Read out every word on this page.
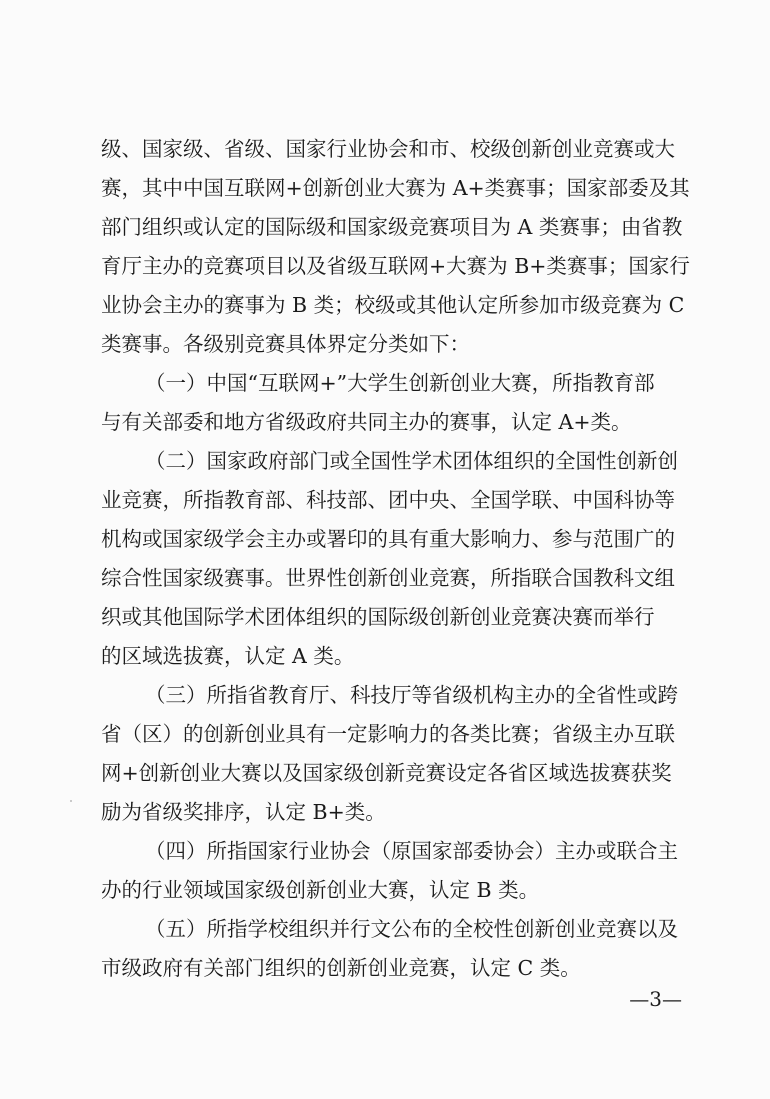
级、国家级、省级、国家行业协会和市、校级创新创业竞赛或大
赛，其中中国互联网+创新创业大赛为 A+类赛事；国家部委及其
部门组织或认定的国际级和国家级竞赛项目为 A 类赛事；由省教
育厅主办的竞赛项目以及省级互联网+大赛为 B+类赛事；国家行
业协会主办的赛事为 B 类；校级或其他认定所参加市级竞赛为 C
类赛事。各级别竞赛具体界定分类如下：
（一）中国“互联网+”大学生创新创业大赛，所指教育部
与有关部委和地方省级政府共同主办的赛事，认定 A+类。
（二）国家政府部门或全国性学术团体组织的全国性创新创
业竞赛，所指教育部、科技部、团中央、全国学联、中国科协等
机构或国家级学会主办或署印的具有重大影响力、参与范围广的
综合性国家级赛事。世界性创新创业竞赛，所指联合国教科文组
织或其他国际学术团体组织的国际级创新创业竞赛决赛而举行
的区域选拔赛，认定 A 类。
（三）所指省教育厅、科技厅等省级机构主办的全省性或跨
省（区）的创新创业具有一定影响力的各类比赛；省级主办互联
网+创新创业大赛以及国家级创新竞赛设定各省区域选拔赛获奖
励为省级奖排序，认定 B+类。
（四）所指国家行业协会（原国家部委协会）主办或联合主
办的行业领域国家级创新创业大赛，认定 B 类。
（五）所指学校组织并行文公布的全校性创新创业竞赛以及
市级政府有关部门组织的创新创业竞赛，认定 C 类。
—3—
